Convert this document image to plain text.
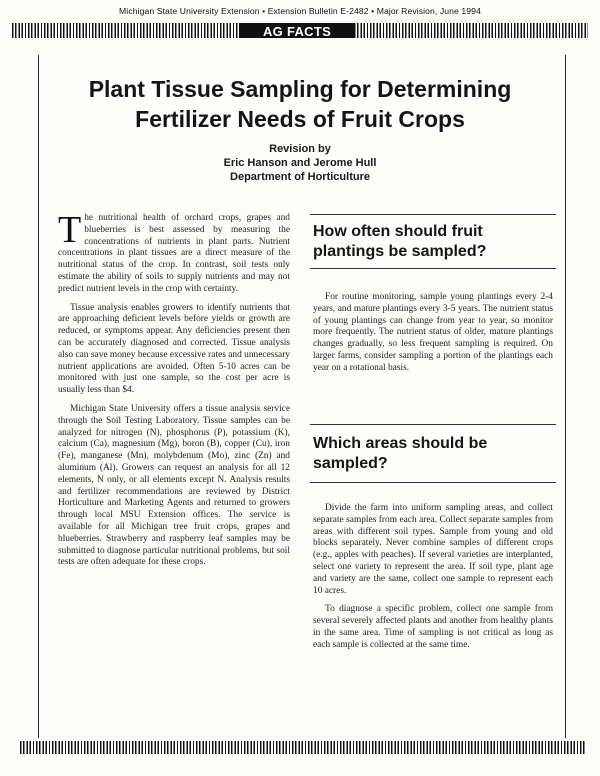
Michigan State University Extension • Extension Bulletin E-2482 • Major Revision, June 1994
AG FACTS
Plant Tissue Sampling for Determining
Fertilizer Needs of Fruit Crops
Revision by
Eric Hanson and Jerome Hull
Department of Horticulture

The nutritional health of orchard crops, grapes and blueberries is best assessed by measuring the concentrations of nutrients in plant parts. Nutrient concentrations in plant tissues are a direct measure of the nutritional status of the crop. In contrast, soil tests only estimate the ability of soils to supply nutrients and may not predict nutrient levels in the crop with certainty.

Tissue analysis enables growers to identify nutrients that are approaching deficient levels before yields or growth are reduced, or symptoms appear. Any deficiencies present then can be accurately diagnosed and corrected. Tissue analysis also can save money because excessive rates and unnecessary nutrient applications are avoided. Often 5-10 acres can be monitored with just one sample, so the cost per acre is usually less than $4.

Michigan State University offers a tissue analysis service through the Soil Testing Laboratory. Tissue samples can be analyzed for nitrogen (N), phosphorus (P), potassium (K), calcium (Ca), magnesium (Mg), boron (B), copper (Cu), iron (Fe), manganese (Mn), molybdenum (Mo), zinc (Zn) and aluminum (Al). Growers can request an analysis for all 12 elements, N only, or all elements except N. Analysis results and fertilizer recommendations are reviewed by District Horticulture and Marketing Agents and returned to growers through local MSU Extension offices. The service is available for all Michigan tree fruit crops, grapes and blueberries. Strawberry and raspberry leaf samples may be submitted to diagnose particular nutritional problems, but soil tests are often adequate for these crops.

How often should fruit plantings be sampled?

For routine monitoring, sample young plantings every 2-4 years, and mature plantings every 3-5 years. The nutrient status of young plantings can change from year to year, so monitor more frequently. The nutrient status of older, mature plantings changes gradually, so less frequent sampling is required. On larger farms, consider sampling a portion of the plantings each year on a rotational basis.

Which areas should be sampled?

Divide the farm into uniform sampling areas, and collect separate samples from each area. Collect separate samples from areas with different soil types. Sample from young and old blocks separately. Never combine samples of different crops (e.g., apples with peaches). If several varieties are interplanted, select one variety to represent the area. If soil type, plant age and variety are the same, collect one sample to represent each 10 acres.

To diagnose a specific problem, collect one sample from several severely affected plants and another from healthy plants in the same area. Time of sampling is not critical as long as each sample is collected at the same time.
